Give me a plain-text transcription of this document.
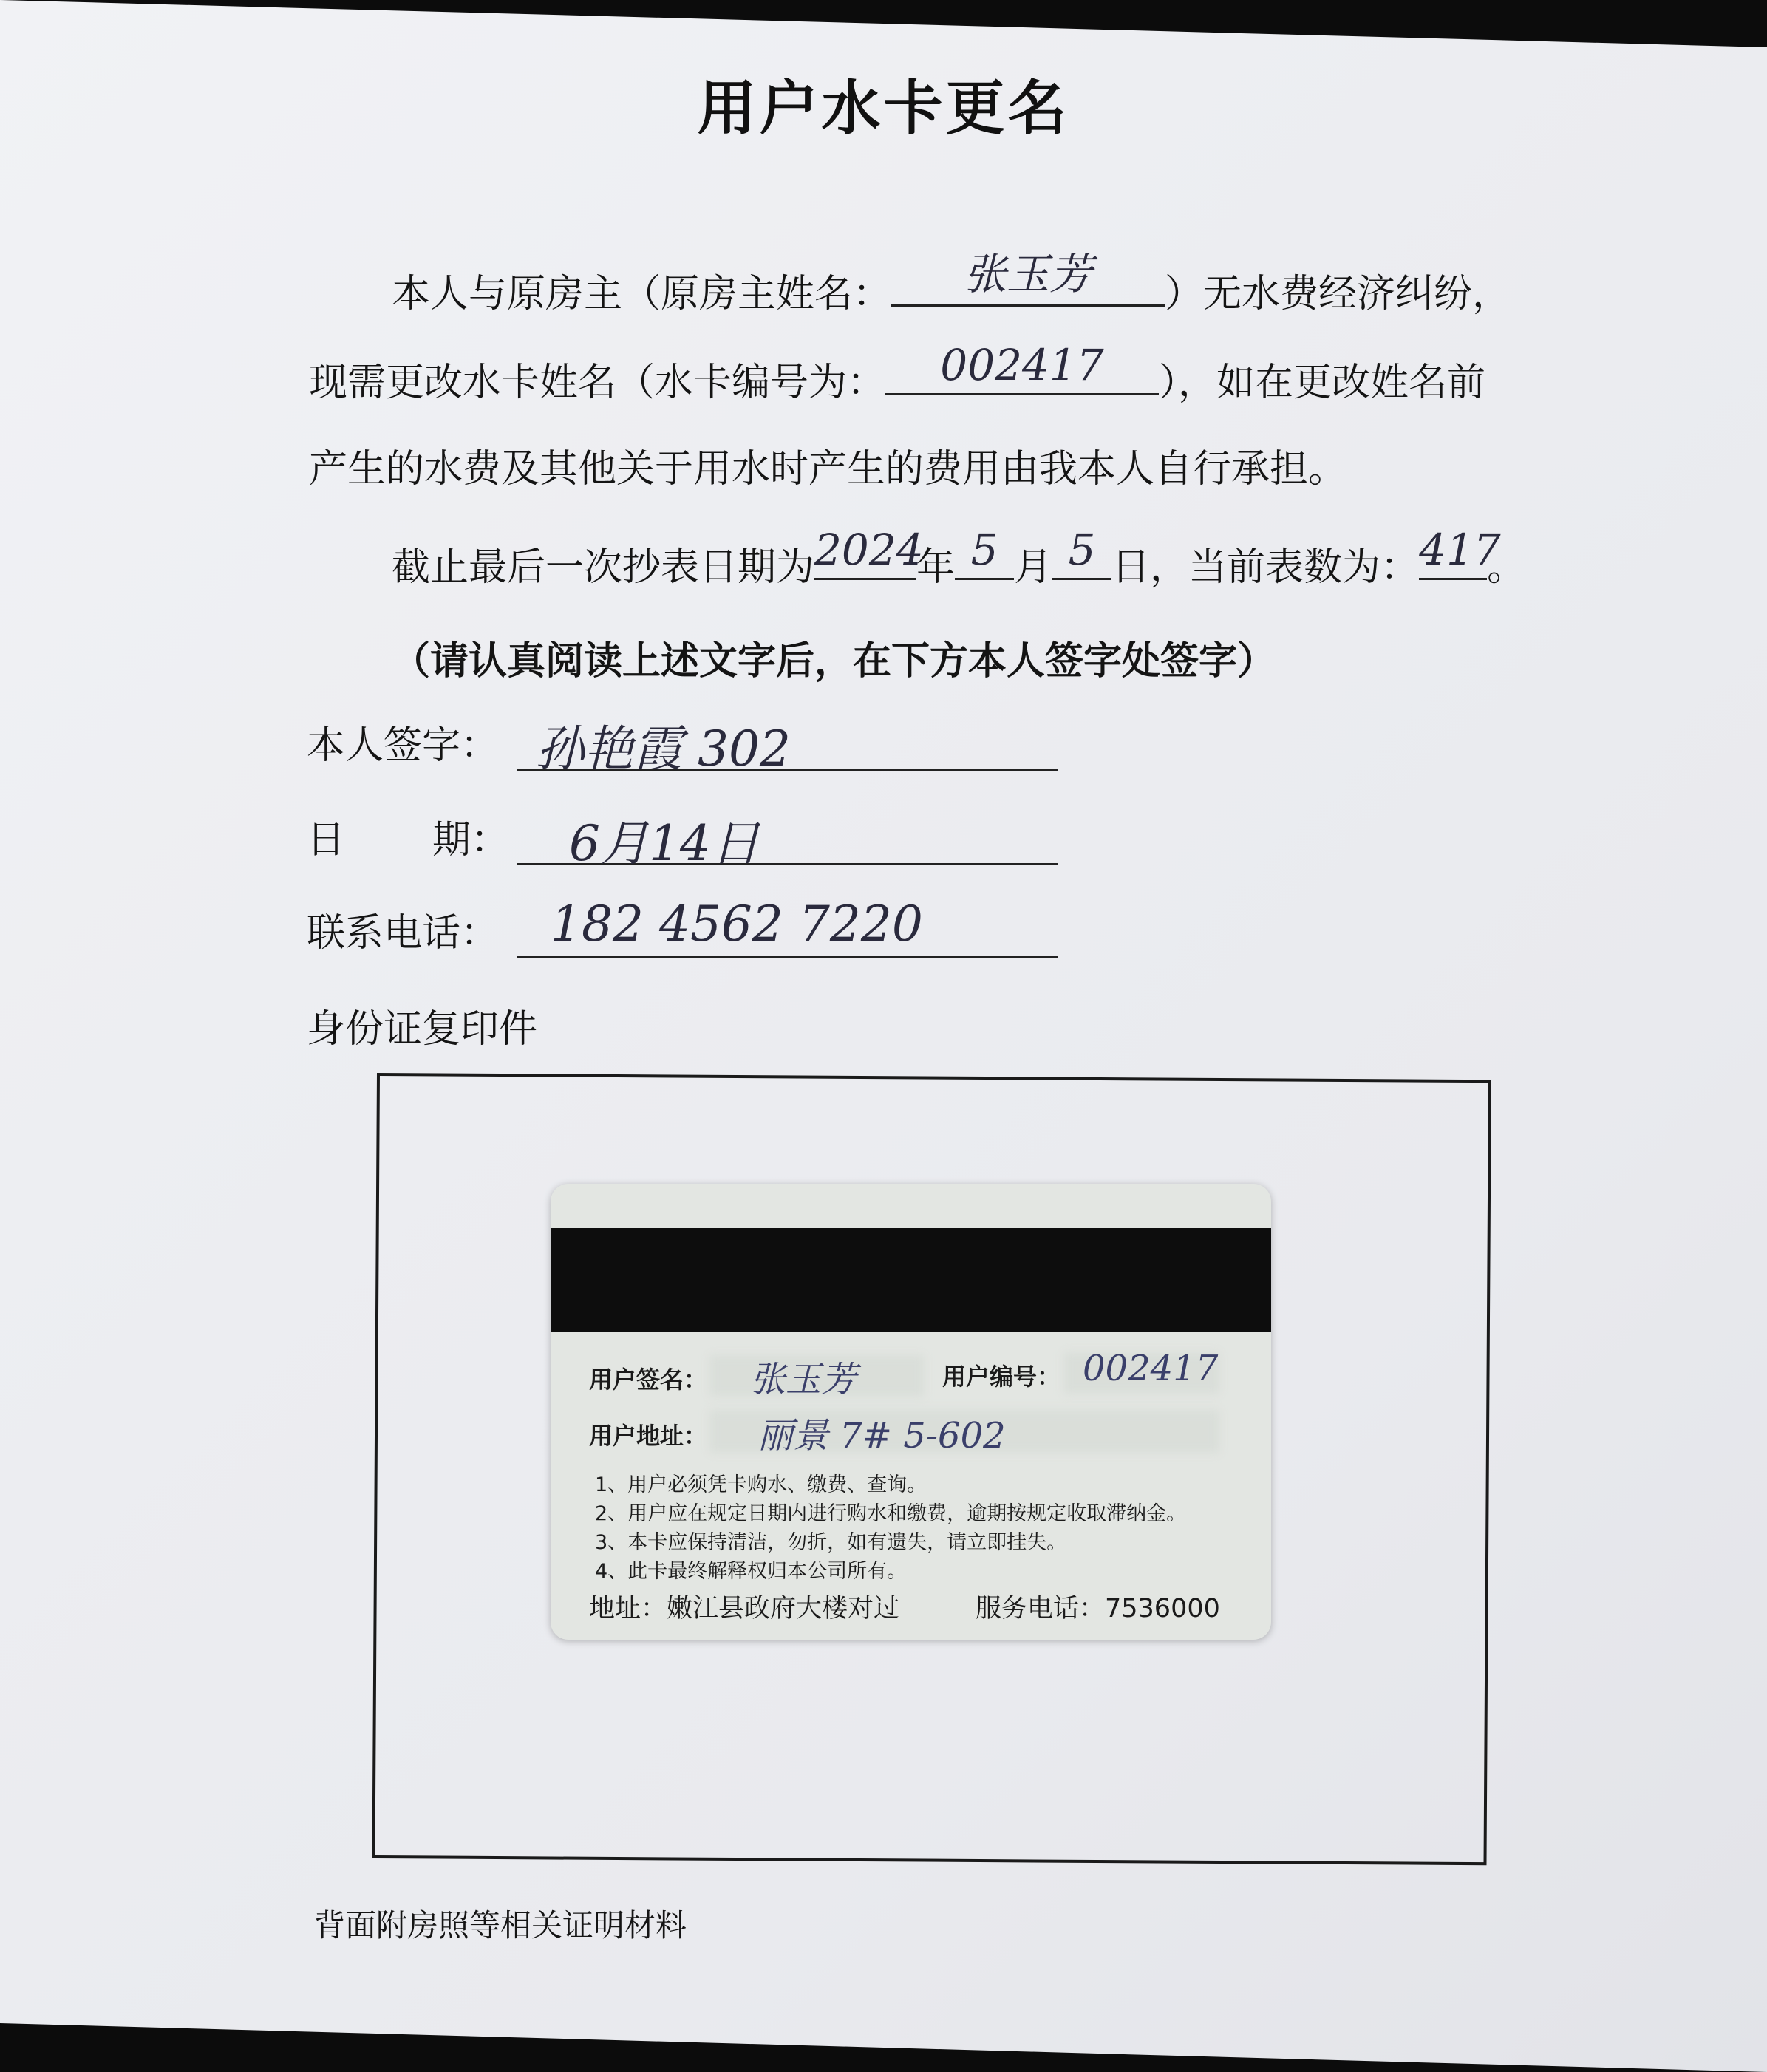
用户水卡更名
本人与原房主（原房主姓名：	张玉芳	）无水费经济纠纷，
现需更改水卡姓名（水卡编号为：	002417	），如在更改姓名前
产生的水费及其他关于用水时产生的费用由我本人自行承担。
截止最后一次抄表日期为 2024
年 5 月 5 日，当前表数为： 417
。
（请认真阅读上述文字后，在下方本人签字处签字）
本人签字： 孙艳霞 302
日 期： 6月14日
联系电话： 182 4562 7220
身份证复印件
用户签名： 张玉芳	用户编号： 002417
用户地址： 丽景 7# 5-602
1、用户必须凭卡购水、缴费、查询。
2、用户应在规定日期内进行购水和缴费，逾期按规定收取滞纳金。
3、本卡应保持清洁，勿折，如有遗失，请立即挂失。
4、此卡最终解释权归本公司所有。
地址：嫩江县政府大楼对过	服务电话：7536000
背面附房照等相关证明材料
